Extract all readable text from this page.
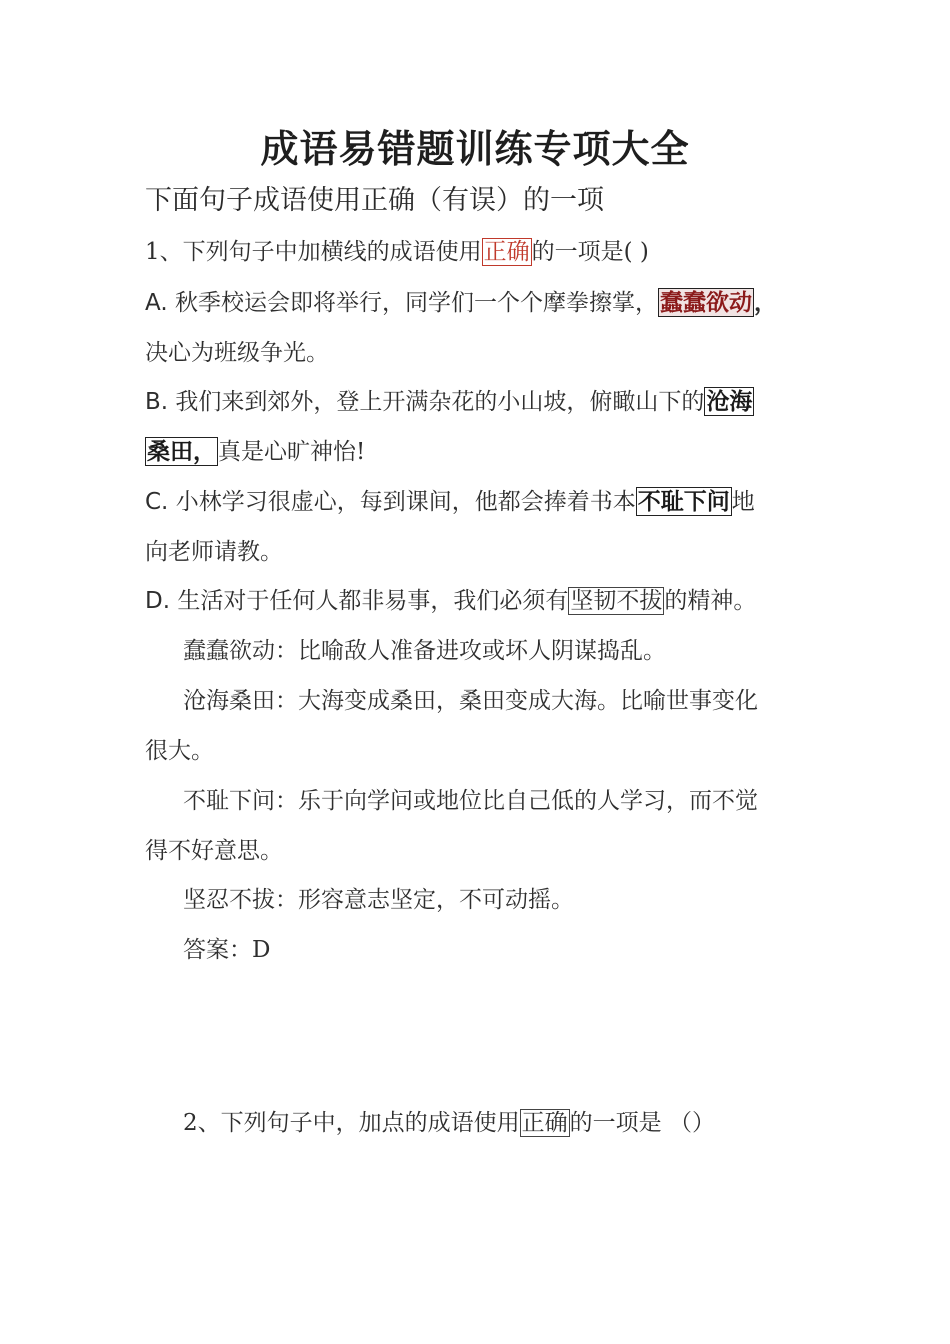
成语易错题训练专项大全
下面句子成语使用正确（有误）的一项
1、下列句子中加横线的成语使用正确的一项是( )
A. 秋季校运会即将举行，同学们一个个摩拳擦掌，蠢蠢欲动，
决心为班级争光。
B. 我们来到郊外，登上开满杂花的小山坡，俯瞰山下的沧海
桑田，真是心旷神怡!
C. 小林学习很虚心，每到课间，他都会捧着书本不耻下问地
向老师请教。
D. 生活对于任何人都非易事，我们必须有坚韧不拔的精神。
蠢蠢欲动：比喻敌人准备进攻或坏人阴谋捣乱。
沧海桑田：大海变成桑田，桑田变成大海。比喻世事变化
很大。
不耻下问：乐于向学问或地位比自己低的人学习，而不觉
得不好意思。
坚忍不拔：形容意志坚定，不可动摇。
答案：D
2、下列句子中，加点的成语使用正确的一项是 （）
